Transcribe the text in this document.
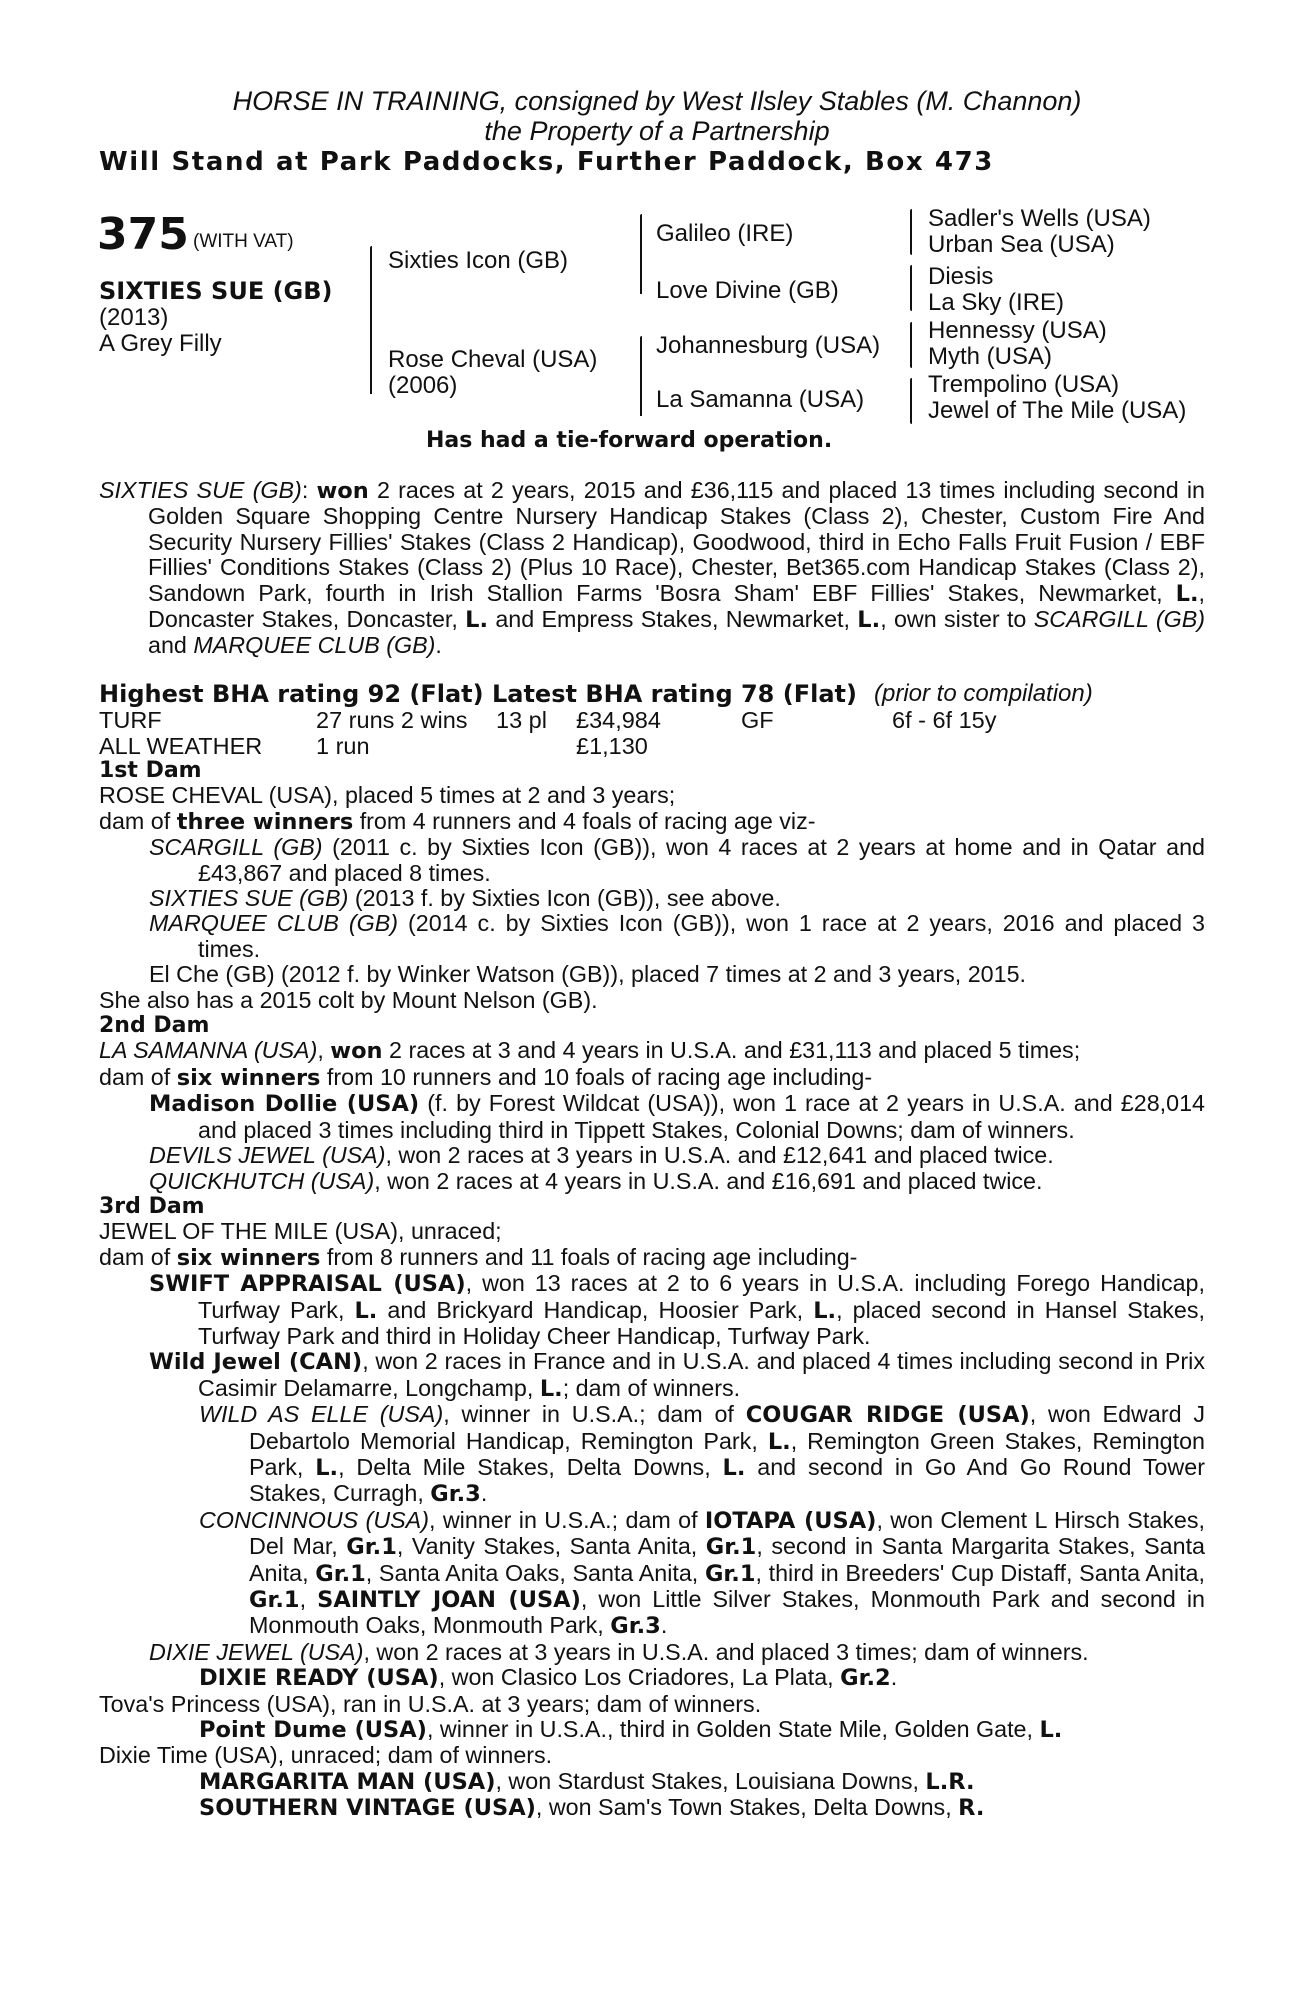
HORSE IN TRAINING, consigned by West Ilsley Stables (M. Channon)
the Property of a Partnership
Will Stand at Park Paddocks, Further Paddock, Box 473
375 (WITH VAT)
SIXTIES SUE (GB)
(2013)
A Grey Filly
Sixties Icon (GB)
Rose Cheval (USA)
(2006)
Galileo (IRE)
Love Divine (GB)
Johannesburg (USA)
La Samanna (USA)
Sadler's Wells (USA)
Urban Sea (USA)
Diesis
La Sky (IRE)
Hennessy (USA)
Myth (USA)
Trempolino (USA)
Jewel of The Mile (USA)
Has had a tie-forward operation.

SIXTIES SUE (GB): won 2 races at 2 years, 2015 and £36,115 and placed 13 times including second in Golden Square Shopping Centre Nursery Handicap Stakes (Class 2), Chester, Custom Fire And Security Nursery Fillies' Stakes (Class 2 Handicap), Goodwood, third in Echo Falls Fruit Fusion / EBF Fillies' Conditions Stakes (Class 2) (Plus 10 Race), Chester, Bet365.com Handicap Stakes (Class 2), Sandown Park, fourth in Irish Stallion Farms 'Bosra Sham' EBF Fillies' Stakes, Newmarket, L., Doncaster Stakes, Doncaster, L. and Empress Stakes, Newmarket, L., own sister to SCARGILL (GB) and MARQUEE CLUB (GB).

Highest BHA rating 92 (Flat) Latest BHA rating 78 (Flat) (prior to compilation)
TURF	27 runs 2 wins 13 pl £34,984	GF	6f - 6f 15y
ALL WEATHER 1 run	£1,130

1st Dam

ROSE CHEVAL (USA), placed 5 times at 2 and 3 years;

dam of three winners from 4 runners and 4 foals of racing age viz-

SCARGILL (GB) (2011 c. by Sixties Icon (GB)), won 4 races at 2 years at home and in Qatar and £43,867 and placed 8 times.

SIXTIES SUE (GB) (2013 f. by Sixties Icon (GB)), see above.

MARQUEE CLUB (GB) (2014 c. by Sixties Icon (GB)), won 1 race at 2 years, 2016 and placed 3 times.

El Che (GB) (2012 f. by Winker Watson (GB)), placed 7 times at 2 and 3 years, 2015.

She also has a 2015 colt by Mount Nelson (GB).

2nd Dam

LA SAMANNA (USA), won 2 races at 3 and 4 years in U.S.A. and £31,113 and placed 5 times;

dam of six winners from 10 runners and 10 foals of racing age including-

Madison Dollie (USA) (f. by Forest Wildcat (USA)), won 1 race at 2 years in U.S.A. and £28,014 and placed 3 times including third in Tippett Stakes, Colonial Downs; dam of winners.

DEVILS JEWEL (USA), won 2 races at 3 years in U.S.A. and £12,641 and placed twice.

QUICKHUTCH (USA), won 2 races at 4 years in U.S.A. and £16,691 and placed twice.

3rd Dam

JEWEL OF THE MILE (USA), unraced;

dam of six winners from 8 runners and 11 foals of racing age including-

SWIFT APPRAISAL (USA), won 13 races at 2 to 6 years in U.S.A. including Forego Handicap, Turfway Park, L. and Brickyard Handicap, Hoosier Park, L., placed second in Hansel Stakes, Turfway Park and third in Holiday Cheer Handicap, Turfway Park.

Wild Jewel (CAN), won 2 races in France and in U.S.A. and placed 4 times including second in Prix Casimir Delamarre, Longchamp, L.; dam of winners.

WILD AS ELLE (USA), winner in U.S.A.; dam of COUGAR RIDGE (USA), won Edward J Debartolo Memorial Handicap, Remington Park, L., Remington Green Stakes, Remington Park, L., Delta Mile Stakes, Delta Downs, L. and second in Go And Go Round Tower Stakes, Curragh, Gr.3.

CONCINNOUS (USA), winner in U.S.A.; dam of IOTAPA (USA), won Clement L Hirsch Stakes, Del Mar, Gr.1, Vanity Stakes, Santa Anita, Gr.1, second in Santa Margarita Stakes, Santa Anita, Gr.1, Santa Anita Oaks, Santa Anita, Gr.1, third in Breeders' Cup Distaff, Santa Anita, Gr.1, SAINTLY JOAN (USA), won Little Silver Stakes, Monmouth Park and second in Monmouth Oaks, Monmouth Park, Gr.3.

DIXIE JEWEL (USA), won 2 races at 3 years in U.S.A. and placed 3 times; dam of winners.

DIXIE READY (USA), won Clasico Los Criadores, La Plata, Gr.2.

Tova's Princess (USA), ran in U.S.A. at 3 years; dam of winners.

Point Dume (USA), winner in U.S.A., third in Golden State Mile, Golden Gate, L.

Dixie Time (USA), unraced; dam of winners.

MARGARITA MAN (USA), won Stardust Stakes, Louisiana Downs, L.R.

SOUTHERN VINTAGE (USA), won Sam's Town Stakes, Delta Downs, R.
